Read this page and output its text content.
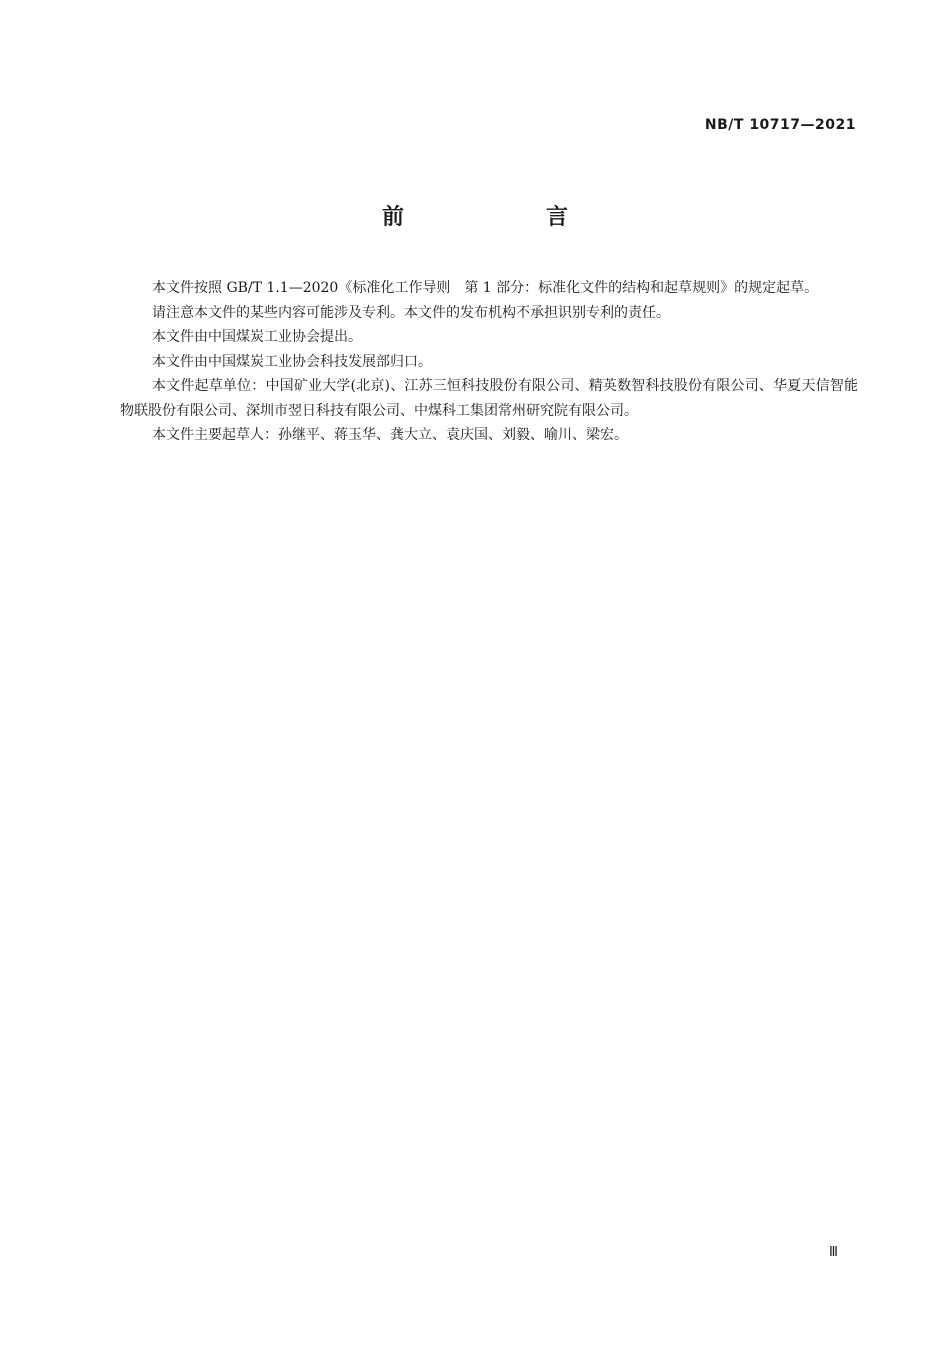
NB/T 10717—2021
前　言

本文件按照 GB/T 1.1—2020《标准化工作导则　第 1 部分：标准化文件的结构和起草规则》的规定起草。

请注意本文件的某些内容可能涉及专利。本文件的发布机构不承担识别专利的责任。

本文件由中国煤炭工业协会提出。

本文件由中国煤炭工业协会科技发展部归口。

本文件起草单位：中国矿业大学(北京)、江苏三恒科技股份有限公司、精英数智科技股份有限公司、华夏天信智能物联股份有限公司、深圳市翌日科技有限公司、中煤科工集团常州研究院有限公司。

本文件主要起草人：孙继平、蒋玉华、龚大立、袁庆国、刘毅、喻川、梁宏。

Ⅲ
